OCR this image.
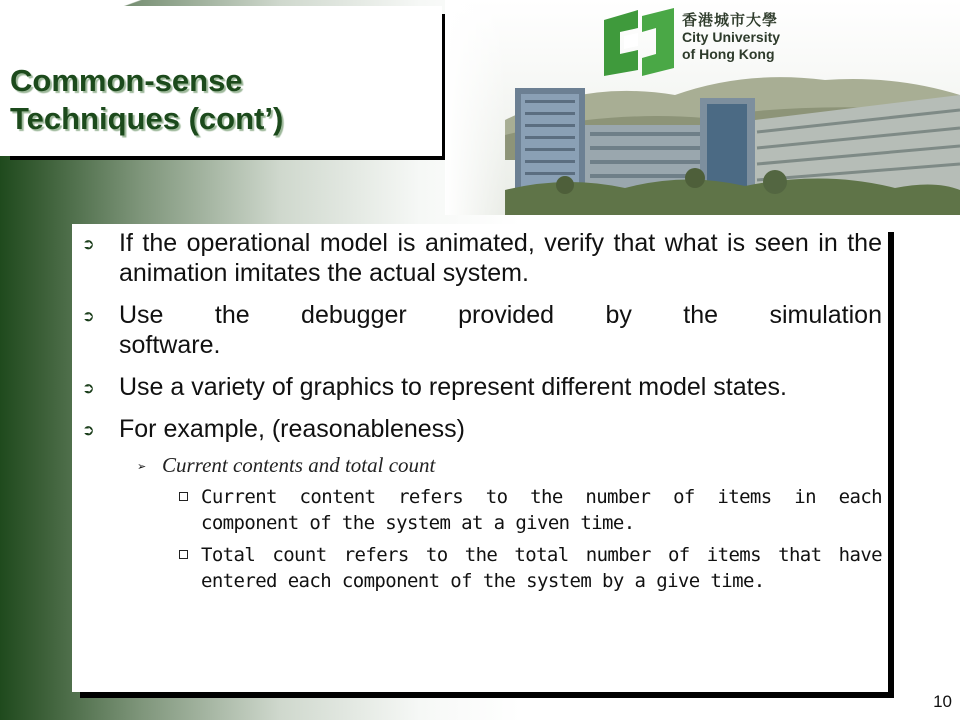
Common-sense
Techniques (cont’)
香港城市大學
City University
of Hong Kong
➲ If the operational model is animated, verify that what is seen in the animation imitates the actual system.
➲ Use the debugger provided by the simulation software.
➲ Use a variety of graphics to represent different model states.
➲ For example, (reasonableness)
➢ Current contents and total count
Current content refers to the number of items in each component of the system at a given time.
Total count refers to the total number of items that have entered each component of the system by a give time.
10
